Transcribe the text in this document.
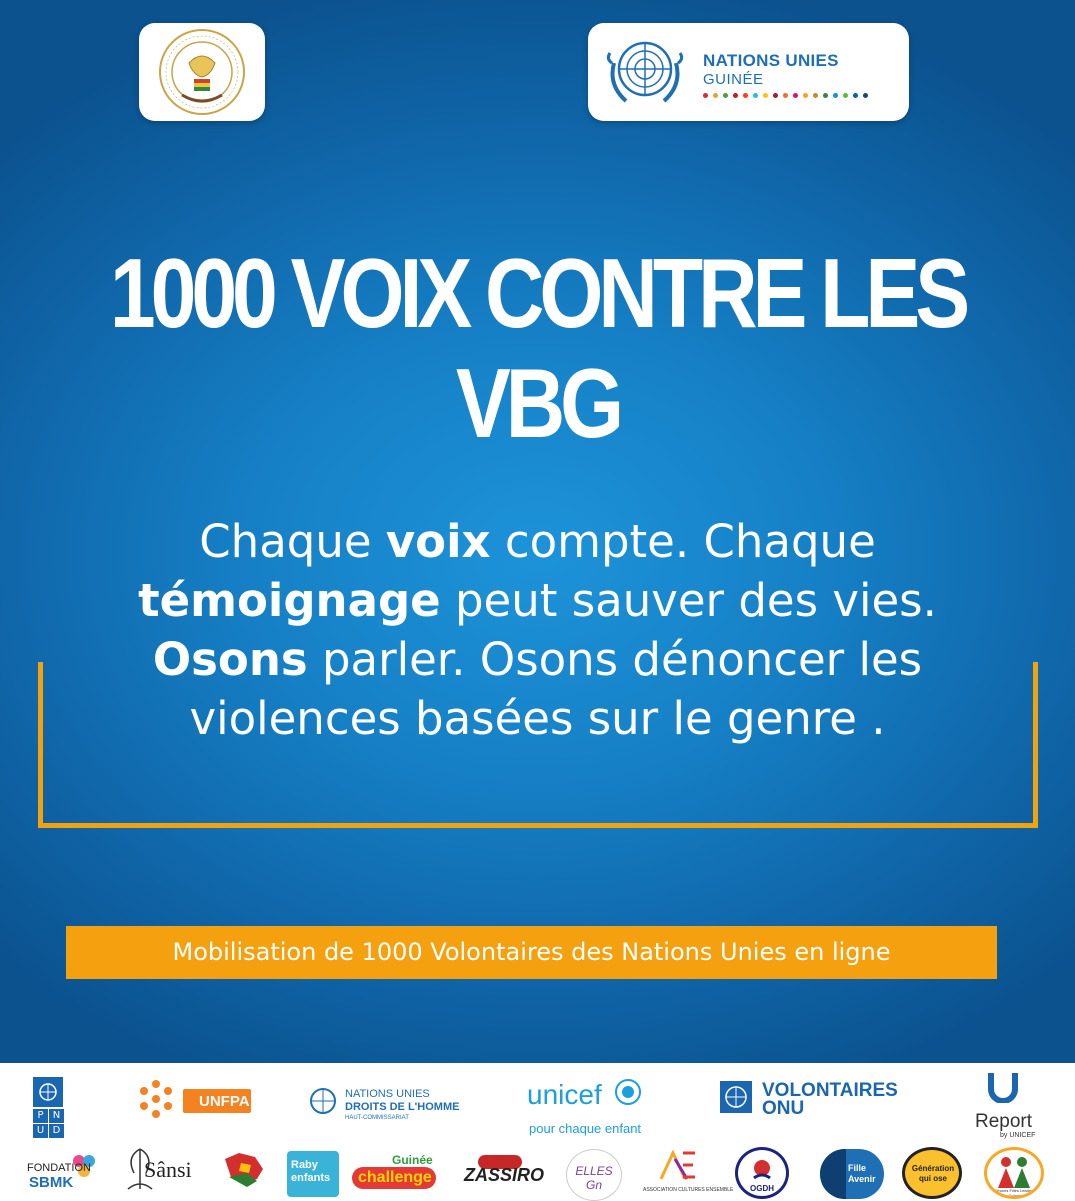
NATIONS UNIES
GUINÉE
1000 VOIX CONTRE LES VBG
Chaque voix compte. Chaque
témoignage peut sauver des vies.
Osons parler. Osons dénoncer les
violences basées sur le genre .
Mobilisation de 1000 Volontaires des Nations Unies en ligne
P N
U D
UNFPA	NATIONS UNIES
DROITS DE L'HOMME
HAUT-COMMISSARIAT
unicef
pour chaque enfant
VOLONTAIRES
ONU
Report
by UNICEF
FONDATION
SBMK
Sânsi	Raby enfants
Guinée
challenge ZASSIRO	ELLES Gn	ASSOCIATION CULTURES ENSEMBLE OGDH
Fille Avenir
Génération qui ose
Jeunes Filles Leaders Guinée
